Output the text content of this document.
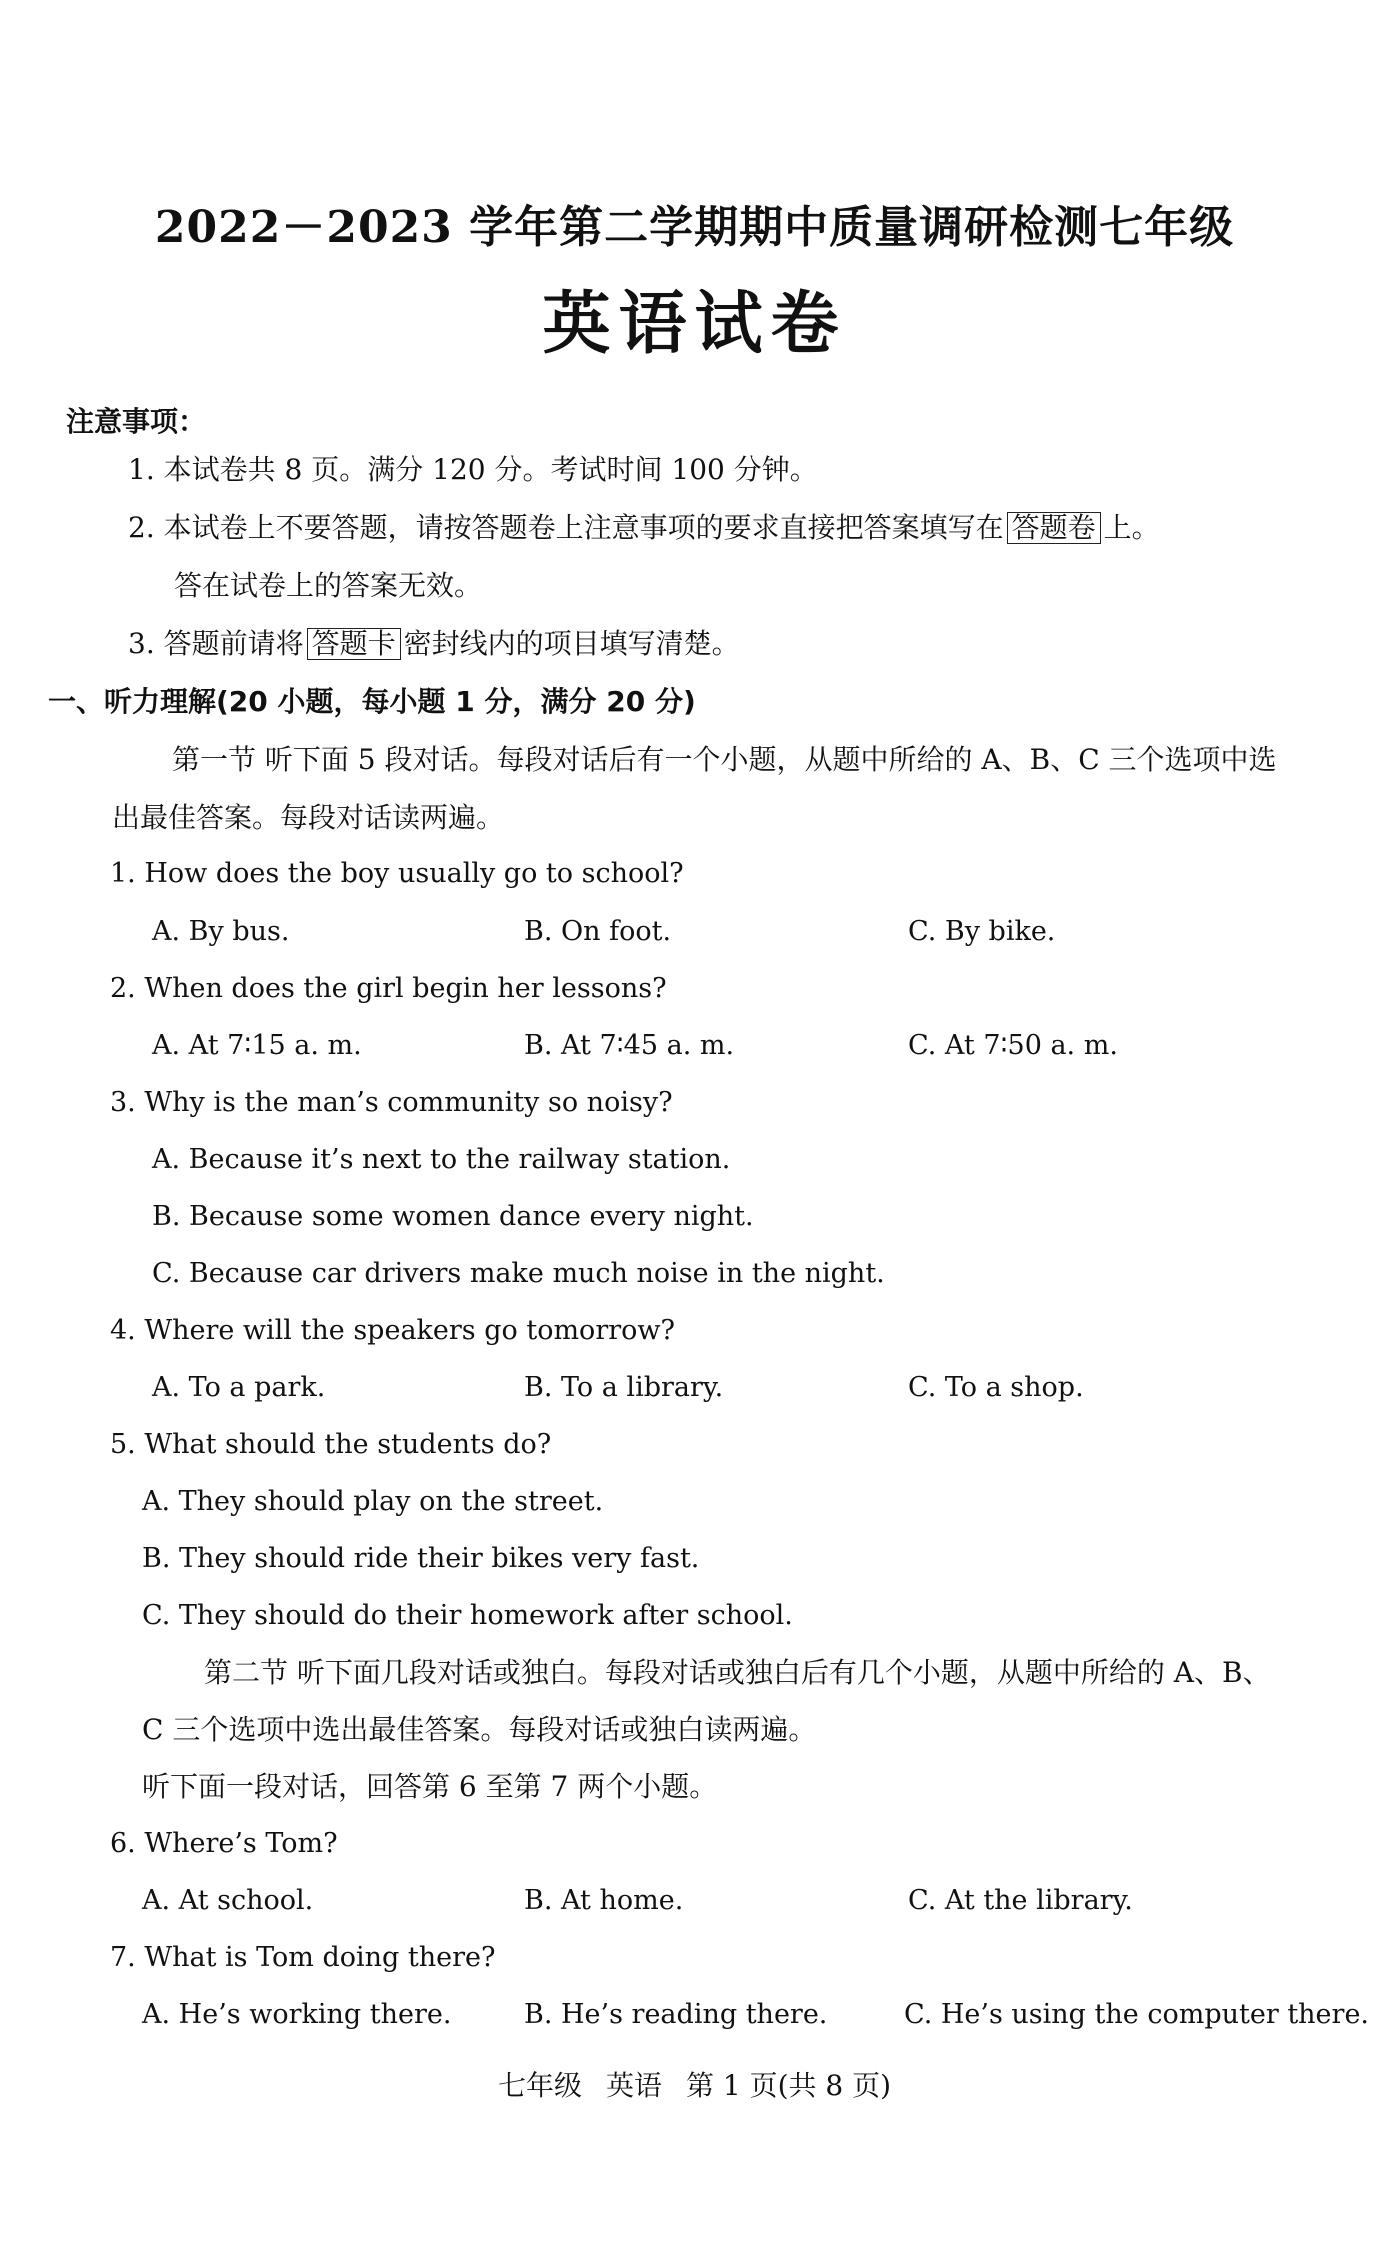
2022－2023 学年第二学期期中质量调研检测七年级
英语试卷
注意事项：
1. 本试卷共 8 页。满分 120 分。考试时间 100 分钟。
2. 本试卷上不要答题，请按答题卷上注意事项的要求直接把答案填写在 答题卷 上。
答在试卷上的答案无效。
3. 答题前请将 答题卡 密封线内的项目填写清楚。
一、听力理解(20 小题，每小题 1 分，满分 20 分)
第一节 听下面 5 段对话。每段对话后有一个小题，从题中所给的 A、B、C 三个选项中选
出最佳答案。每段对话读两遍。
1. How does the boy usually go to school?
A. By bus.	B. On foot.	C. By bike.
2. When does the girl begin her lessons?
A. At 7∶15 a. m.	B. At 7∶45 a. m.	C. At 7∶50 a. m.
3. Why is the man’s community so noisy?
A. Because it’s next to the railway station.
B. Because some women dance every night.
C. Because car drivers make much noise in the night.
4. Where will the speakers go tomorrow?
A. To a park.	B. To a library.	C. To a shop.
5. What should the students do?
A. They should play on the street.
B. They should ride their bikes very fast.
C. They should do their homework after school.
第二节 听下面几段对话或独白。每段对话或独白后有几个小题，从题中所给的 A、B、
C 三个选项中选出最佳答案。每段对话或独白读两遍。
听下面一段对话，回答第 6 至第 7 两个小题。
6. Where’s Tom?
A. At school.	B. At home.	C. At the library.
7. What is Tom doing there?
A. He’s working there.	B. He’s reading there.	C. He’s using the computer there.
七年级 英语 第 1 页(共 8 页)
